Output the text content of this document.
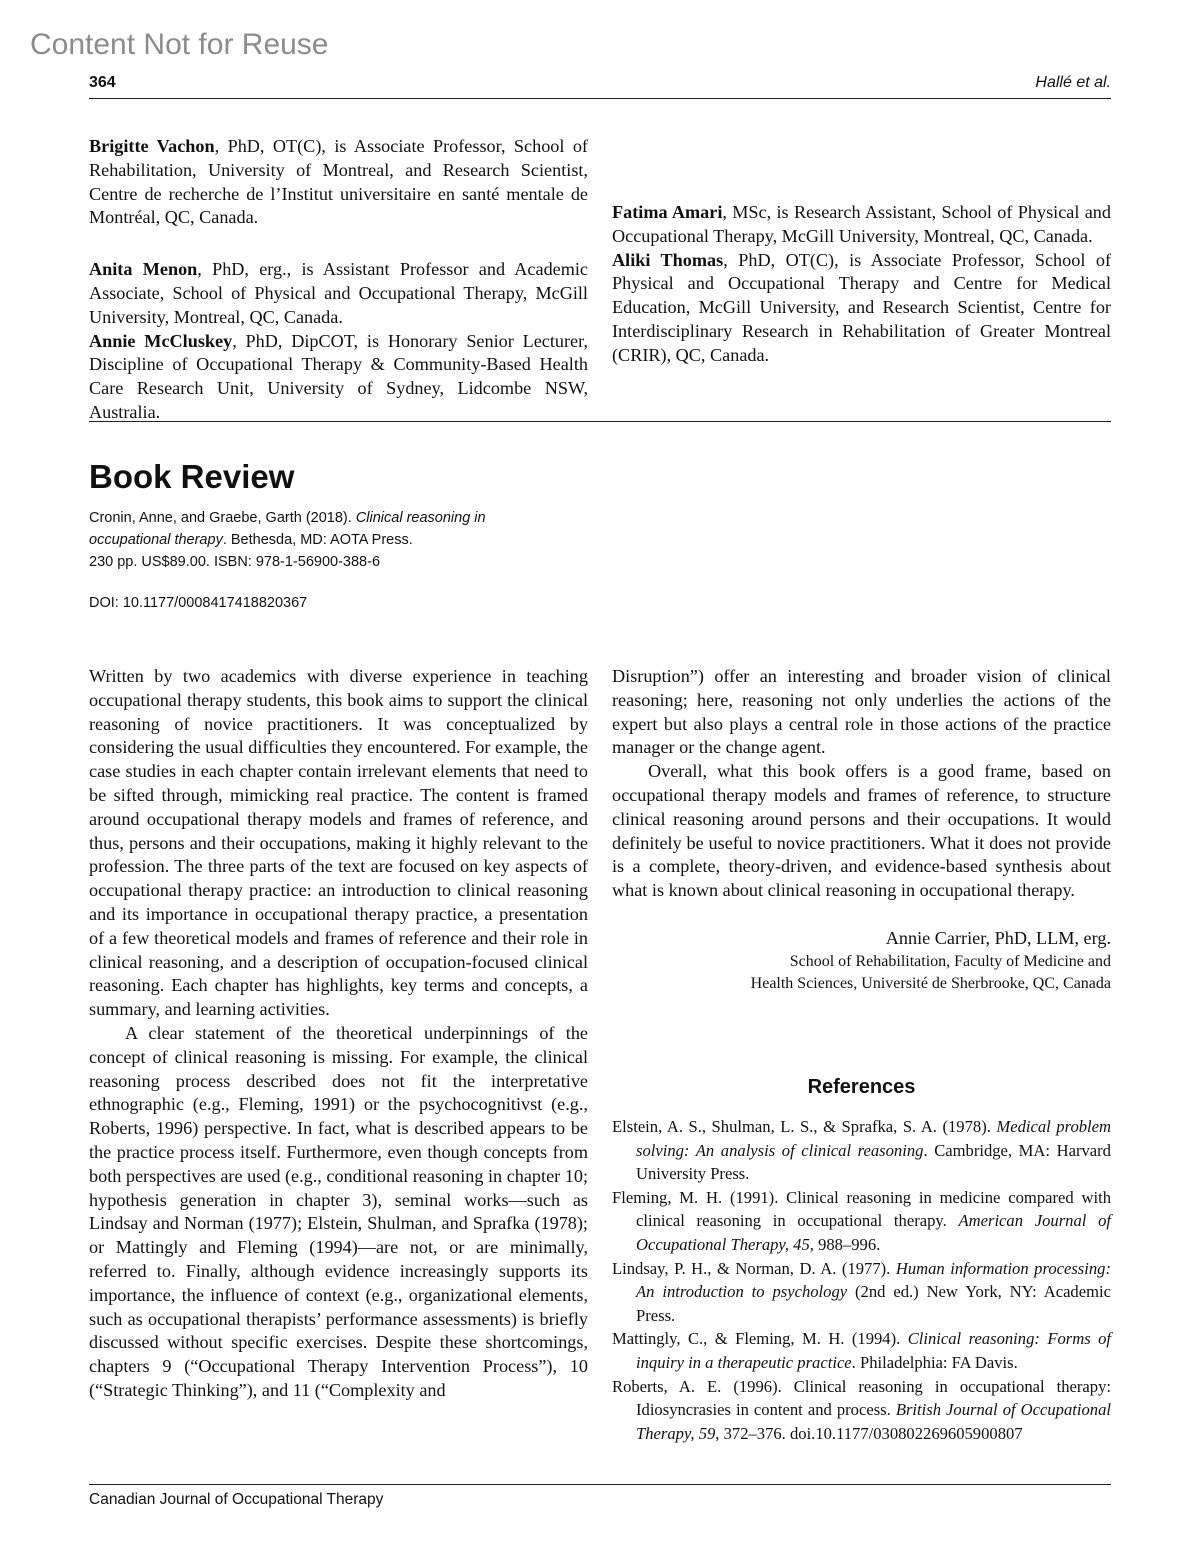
Content Not for Reuse
364	Hallé et al.

Brigitte Vachon, PhD, OT(C), is Associate Professor, School of Rehabilitation, University of Montreal, and Research Scientist, Centre de recherche de l’Institut universitaire en santé mentale de Montréal, QC, Canada.

Anita Menon, PhD, erg., is Assistant Professor and Academic Associate, School of Physical and Occupational Therapy, McGill University, Montreal, QC, Canada.

Annie McCluskey, PhD, DipCOT, is Honorary Senior Lecturer, Discipline of Occupational Therapy & Community-Based Health Care Research Unit, University of Sydney, Lidcombe NSW, Australia.

Fatima Amari, MSc, is Research Assistant, School of Physical and Occupational Therapy, McGill University, Montreal, QC, Canada.

Aliki Thomas, PhD, OT(C), is Associate Professor, School of Physical and Occupational Therapy and Centre for Medical Education, McGill University, and Research Scientist, Centre for Interdisciplinary Research in Rehabilitation of Greater Montreal (CRIR), QC, Canada.

Book Review
Cronin, Anne, and Graebe, Garth (2018). Clinical reasoning in occupational therapy. Bethesda, MD: AOTA Press.
230 pp. US$89.00. ISBN: 978-1-56900-388-6
DOI: 10.1177/0008417418820367

Written by two academics with diverse experience in teaching occupational therapy students, this book aims to support the clinical reasoning of novice practitioners. It was conceptualized by considering the usual difficulties they encountered. For example, the case studies in each chapter contain irrelevant elements that need to be sifted through, mimicking real practice. The content is framed around occupational therapy models and frames of reference, and thus, persons and their occupations, making it highly relevant to the profession. The three parts of the text are focused on key aspects of occupational therapy practice: an introduction to clinical reasoning and its importance in occupational therapy practice, a presentation of a few theoretical models and frames of reference and their role in clinical reasoning, and a description of occupation-focused clinical reasoning. Each chapter has highlights, key terms and concepts, a summary, and learning activities.

A clear statement of the theoretical underpinnings of the concept of clinical reasoning is missing. For example, the clinical reasoning process described does not fit the interpretative ethnographic (e.g., Fleming, 1991) or the psychocognitivst (e.g., Roberts, 1996) perspective. In fact, what is described appears to be the practice process itself. Furthermore, even though concepts from both perspectives are used (e.g., conditional reasoning in chapter 10; hypothesis generation in chapter 3), seminal works—such as Lindsay and Norman (1977); Elstein, Shulman, and Sprafka (1978); or Mattingly and Fleming (1994)—are not, or are minimally, referred to. Finally, although evidence increasingly supports its importance, the influence of context (e.g., organizational elements, such as occupational therapists’ performance assessments) is briefly discussed without specific exercises. Despite these shortcomings, chapters 9 (“Occupational Therapy Intervention Process”), 10 (“Strategic Thinking”), and 11 (“Complexity and

Disruption”) offer an interesting and broader vision of clinical reasoning; here, reasoning not only underlies the actions of the expert but also plays a central role in those actions of the practice manager or the change agent.

Overall, what this book offers is a good frame, based on occupational therapy models and frames of reference, to structure clinical reasoning around persons and their occupations. It would definitely be useful to novice practitioners. What it does not provide is a complete, theory-driven, and evidence-based synthesis about what is known about clinical reasoning in occupational therapy.

Annie Carrier, PhD, LLM, erg.
School of Rehabilitation, Faculty of Medicine and
Health Sciences, Université de Sherbrooke, QC, Canada
References
Elstein, A. S., Shulman, L. S., & Sprafka, S. A. (1978). Medical problem solving: An analysis of clinical reasoning. Cambridge, MA: Harvard University Press.
Fleming, M. H. (1991). Clinical reasoning in medicine compared with clinical reasoning in occupational therapy. American Journal of Occupational Therapy, 45, 988–996.
Lindsay, P. H., & Norman, D. A. (1977). Human information processing: An introduction to psychology (2nd ed.) New York, NY: Academic Press.
Mattingly, C., & Fleming, M. H. (1994). Clinical reasoning: Forms of inquiry in a therapeutic practice. Philadelphia: FA Davis.
Roberts, A. E. (1996). Clinical reasoning in occupational therapy: Idiosyncrasies in content and process. British Journal of Occupational Therapy, 59, 372–376. doi.10.1177/030802269605900807
Canadian Journal of Occupational Therapy
